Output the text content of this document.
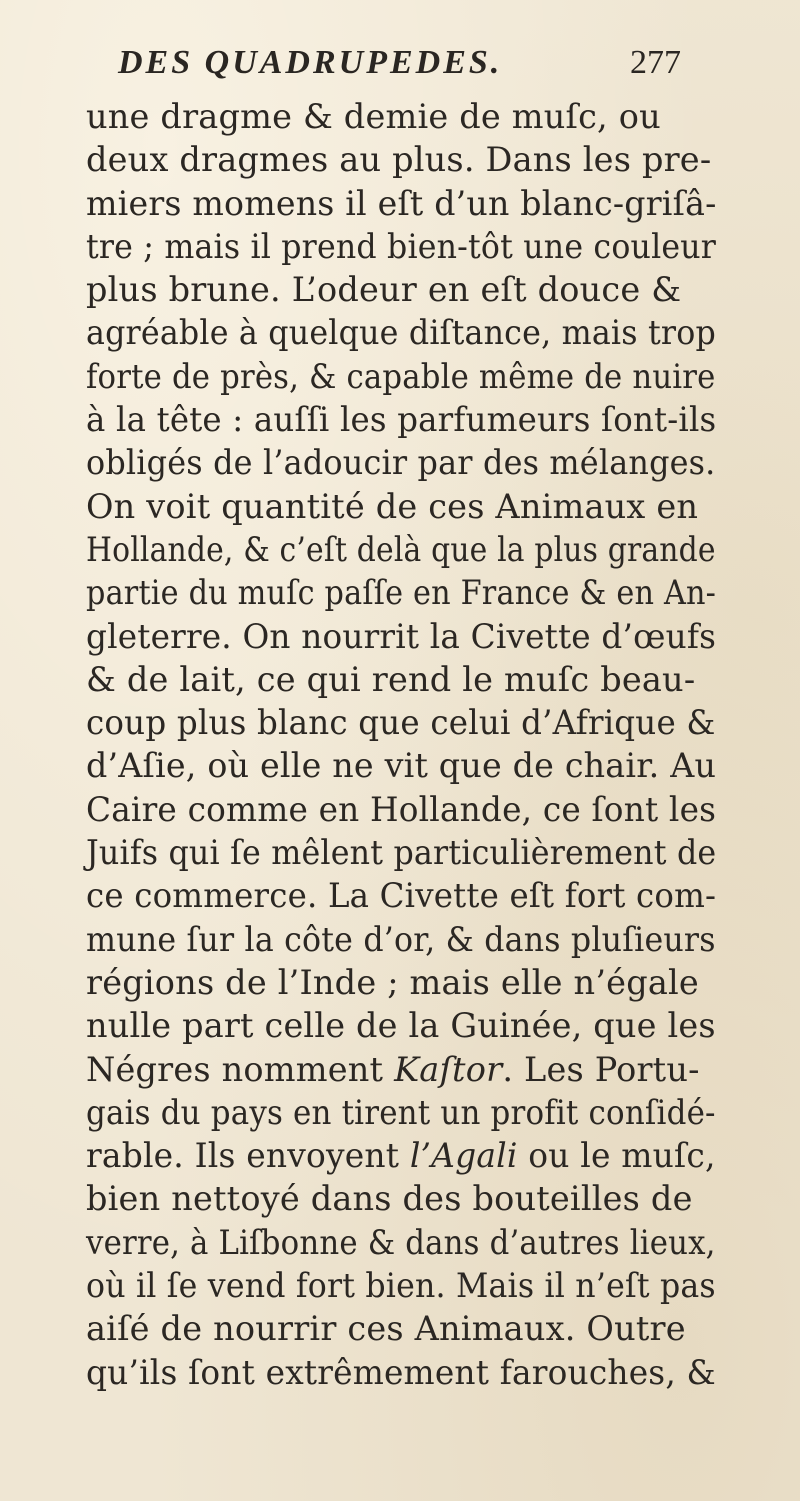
DES QUADRUPEDES.	277
une dragme & demie de muſc, ou
deux dragmes au plus. Dans les pre-
miers momens il eſt d’un blanc-griſâ-
tre ; mais il prend bien-tôt une couleur
plus brune. L’odeur en eſt douce &
agréable à quelque diſtance, mais trop
forte de près, & capable même de nuire
à la tête : auſſi les parfumeurs ſont-ils
obligés de l’adoucir par des mélanges.
On voit quantité de ces Animaux en
Hollande, & c’eſt delà que la plus grande
partie du muſc paſſe en France & en An-
gleterre. On nourrit la Civette d’œufs
& de lait, ce qui rend le muſc beau-
coup plus blanc que celui d’Afrique &
d’Aſie, où elle ne vit que de chair. Au
Caire comme en Hollande, ce ſont les
Juifs qui ſe mêlent particulièrement de
ce commerce. La Civette eſt fort com-
mune ſur la côte d’or, & dans pluſieurs
régions de l’Inde ; mais elle n’égale
nulle part celle de la Guinée, que les
Négres nomment Kaſtor. Les Portu-
gais du pays en tirent un profit conſidé-
rable. Ils envoyent l’Agali ou le muſc,
bien nettoyé dans des bouteilles de
verre, à Liſbonne & dans d’autres lieux,
où il ſe vend fort bien. Mais il n’eſt pas
aiſé de nourrir ces Animaux. Outre
qu’ils ſont extrêmement farouches, &
